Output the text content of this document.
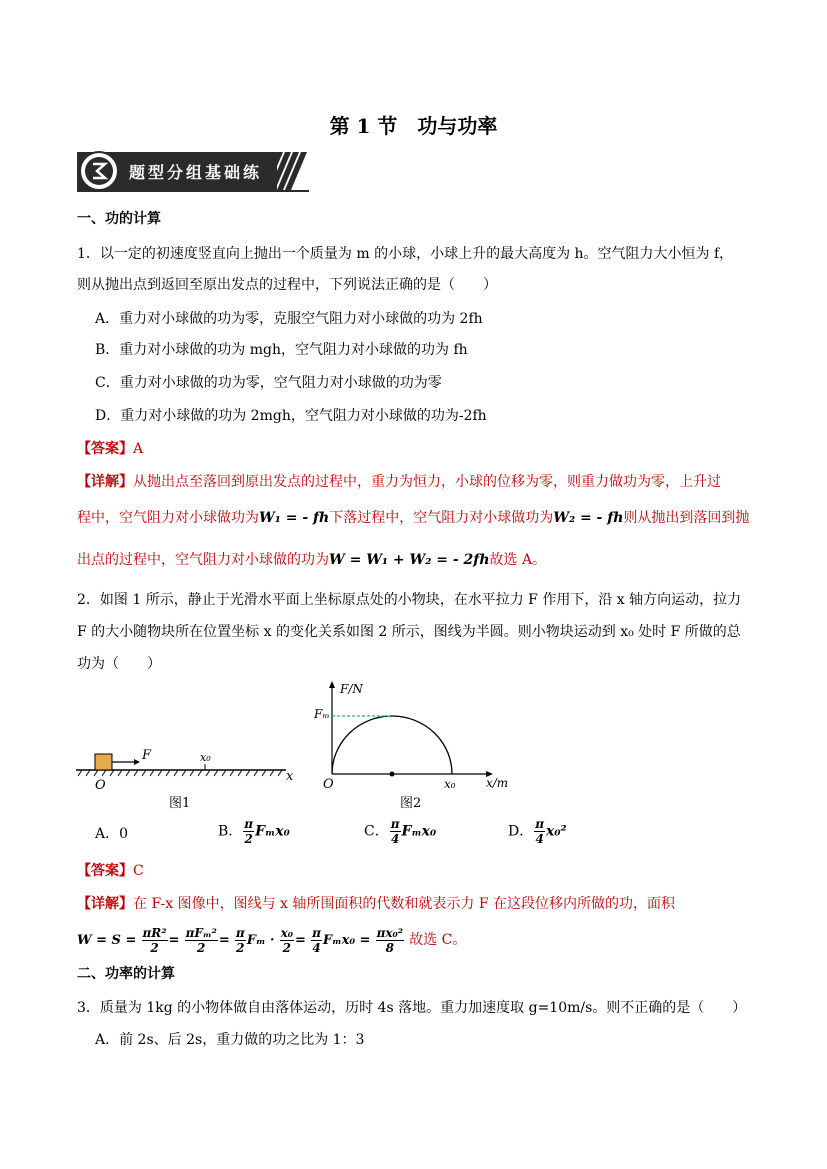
第 1 节　功与功率
题型分组基础练
一、功的计算
1．以一定的初速度竖直向上抛出一个质量为 m 的小球，小球上升的最大高度为 h。空气阻力大小恒为 f，
则从抛出点到返回至原出发点的过程中，下列说法正确的是（　　）
A．重力对小球做的功为零，克服空气阻力对小球做的功为 2fh
B．重力对小球做的功为 mgh，空气阻力对小球做的功为 fh
C．重力对小球做的功为零，空气阻力对小球做的功为零
D．重力对小球做的功为 2mgh，空气阻力对小球做的功为-2fh
【答案】A
【详解】从抛出点至落回到原出发点的过程中，重力为恒力，小球的位移为零，则重力做功为零，上升过
程中，空气阻力对小球做功为W₁ = - fh下落过程中，空气阻力对小球做功为W₂ = - fh则从抛出到落回到抛
出点的过程中，空气阻力对小球做的功为W = W₁ + W₂ = - 2fh故选 A。
2．如图 1 所示，静止于光滑水平面上坐标原点处的小物块，在水平拉力 F 作用下，沿 x 轴方向运动，拉力
F 的大小随物块所在位置坐标 x 的变化关系如图 2 所示，图线为半圆。则小物块运动到 x₀ 处时 F 所做的总
功为（　　）
F	x₀
O
x
图1
F/N
Fₘ
O	x₀	x/m
图2
A．0	B． $\frac{\pi}{2} F_mx_0$	C． $\frac{\pi}{4} F_mx_0$	D． $\frac{\pi}{4} x_0^2$
【答案】C
【详解】在 F-x 图像中，图线与 x 轴所围面积的代数和就表示力 F 在这段位移内所做的功，面积
$W = S = \frac{\text{πR²}}{2} = \frac{\text{πFₘ²}}{2} = \frac{\pi}{2}$ $F_m \cdot \frac{\text{x₀}}{2} = \frac{\pi}{4} F_mx_0 = \frac{\text{πx₀²}}{8}$ 故选 C。
二、功率的计算
3．质量为 1kg 的小物体做自由落体运动，历时 4s 落地。重力加速度取 g=10m/s。则不正确的是（　　）
A．前 2s、后 2s，重力做的功之比为 1：3
